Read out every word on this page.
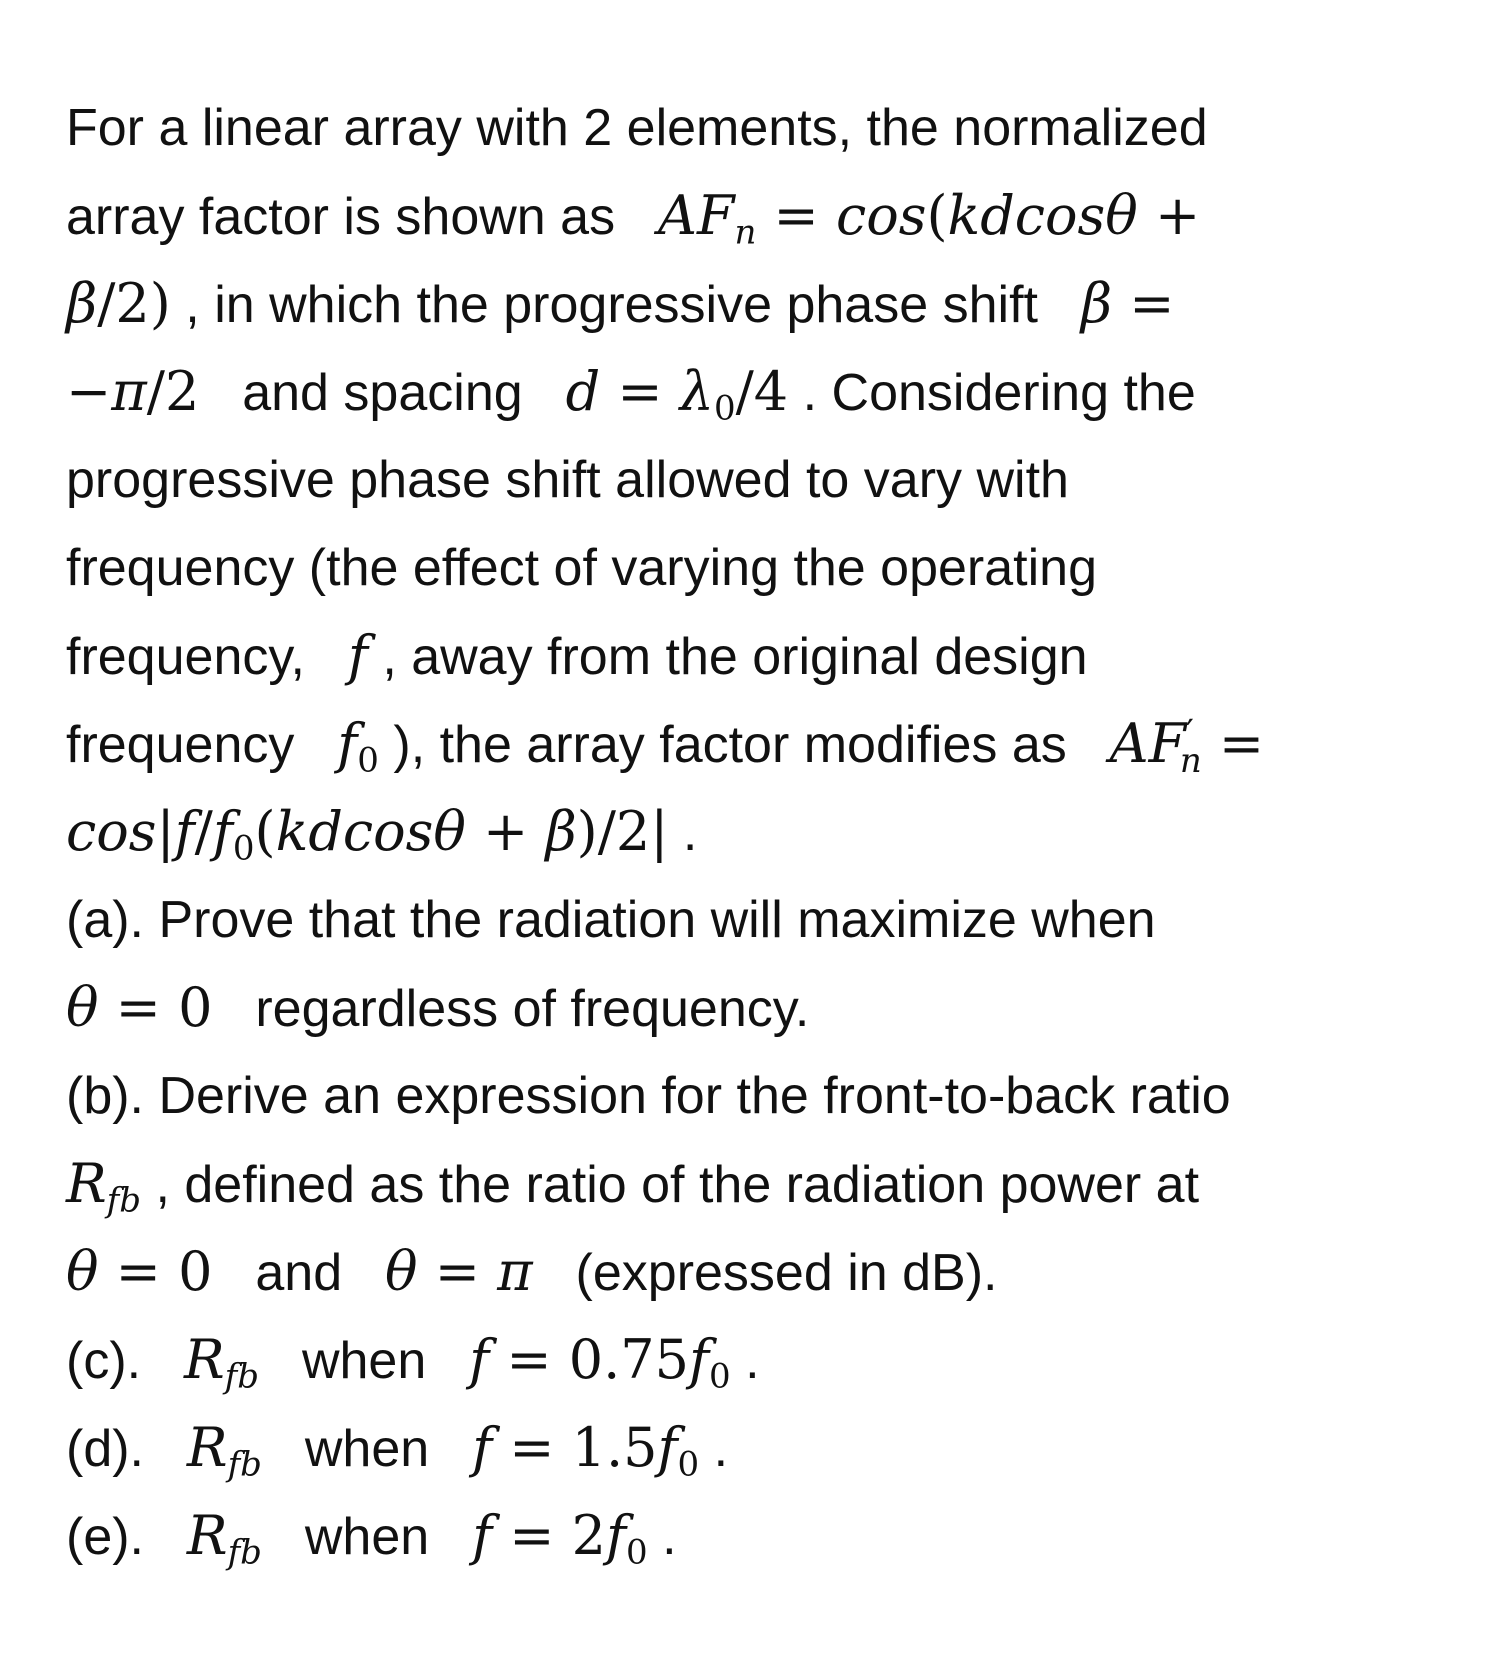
For a linear array with 2 elements, the normalized
array factor is shown as $AF_n = \cos(kdcos\theta$ +
β/2) , in which the progressive phase shift β =
−π/2 and spacing $d = \lambda_0/4$ . Considering the
progressive phase shift allowed to vary with
frequency (the effect of varying the operating
frequency, f , away from the original design
frequency $f_0$ ), the array factor modifies as $AF'_n$ =
$\cos|f/f_0(kdcos\theta + \beta)/2|$ .
(a). Prove that the radiation will maximize when
θ = 0 regardless of frequency.
(b). Derive an expression for the front-to-back ratio
$R_{fb}$ , defined as the ratio of the radiation power at
θ = 0 and θ = π (expressed in dB).
(c). $R_{fb}$ when $f = 0.75f_0$ .
(d). $R_{fb}$ when $f = 1.5f_0$ .
(e). $R_{fb}$ when $f = 2f_0$ .
